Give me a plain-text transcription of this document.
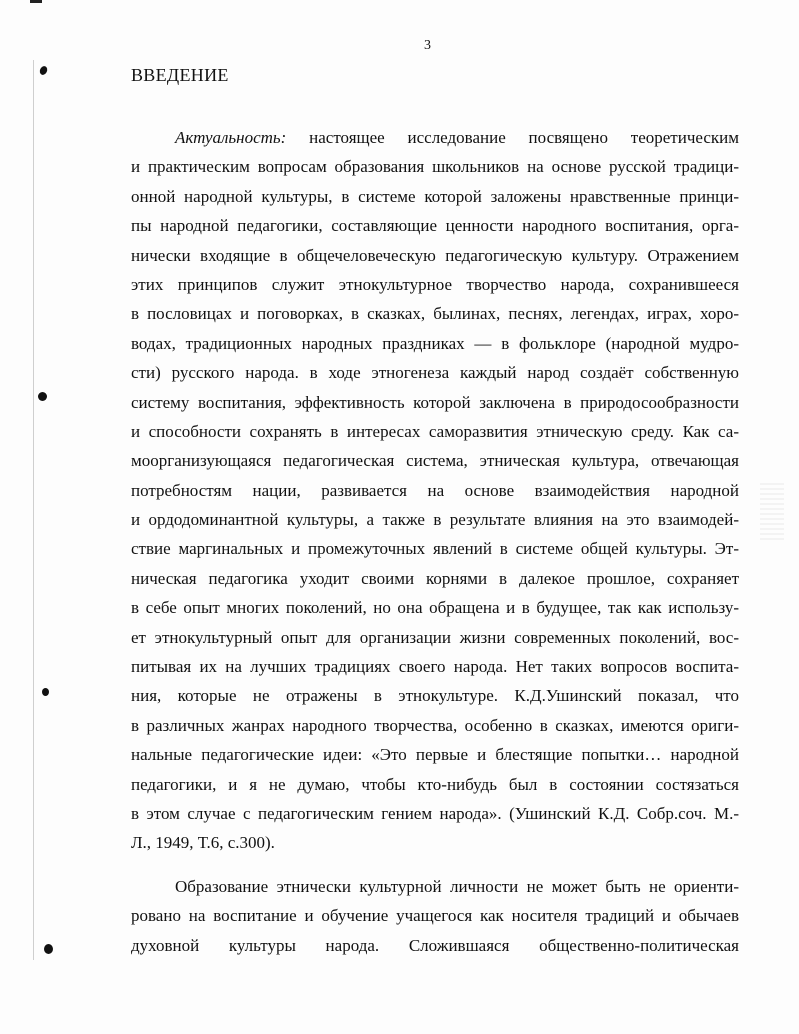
3
ВВЕДЕНИЕ
Актуальность: настоящее исследование посвящено теоретическим
и практическим вопросам образования школьников на основе русской традици-
онной народной культуры, в системе которой заложены нравственные принци-
пы народной педагогики, составляющие ценности народного воспитания, орга-
нически входящие в общечеловеческую педагогическую культуру. Отражением
этих принципов служит этнокультурное творчество народа, сохранившееся
в пословицах и поговорках, в сказках, былинах, песнях, легендах, играх, хоро-
водах, традиционных народных праздниках — в фольклоре (народной мудро-
сти) русского народа. в ходе этногенеза каждый народ создаёт собственную
систему воспитания, эффективность которой заключена в природосообразности
и способности сохранять в интересах саморазвития этническую среду. Как са-
моорганизующаяся педагогическая система, этническая культура, отвечающая
потребностям нации, развивается на основе взаимодействия народной
и ордодоминантной культуры, а также в результате влияния на это взаимодей-
ствие маргинальных и промежуточных явлений в системе общей культуры. Эт-
ническая педагогика уходит своими корнями в далекое прошлое, сохраняет
в себе опыт многих поколений, но она обращена и в будущее, так как использу-
ет этнокультурный опыт для организации жизни современных поколений, вос-
питывая их на лучших традициях своего народа. Нет таких вопросов воспита-
ния, которые не отражены в этнокультуре. К.Д.Ушинский показал, что
в различных жанрах народного творчества, особенно в сказках, имеются ориги-
нальные педагогические идеи: «Это первые и блестящие попытки… народной
педагогики, и я не думаю, чтобы кто-нибудь был в состоянии состязаться
в этом случае с педагогическим гением народа». (Ушинский К.Д. Собр.соч. М.-
Л., 1949, Т.6, с.300).
Образование этнически культурной личности не может быть не ориенти-
ровано на воспитание и обучение учащегося как носителя традиций и обычаев
духовной культуры народа. Сложившаяся общественно-политическая
